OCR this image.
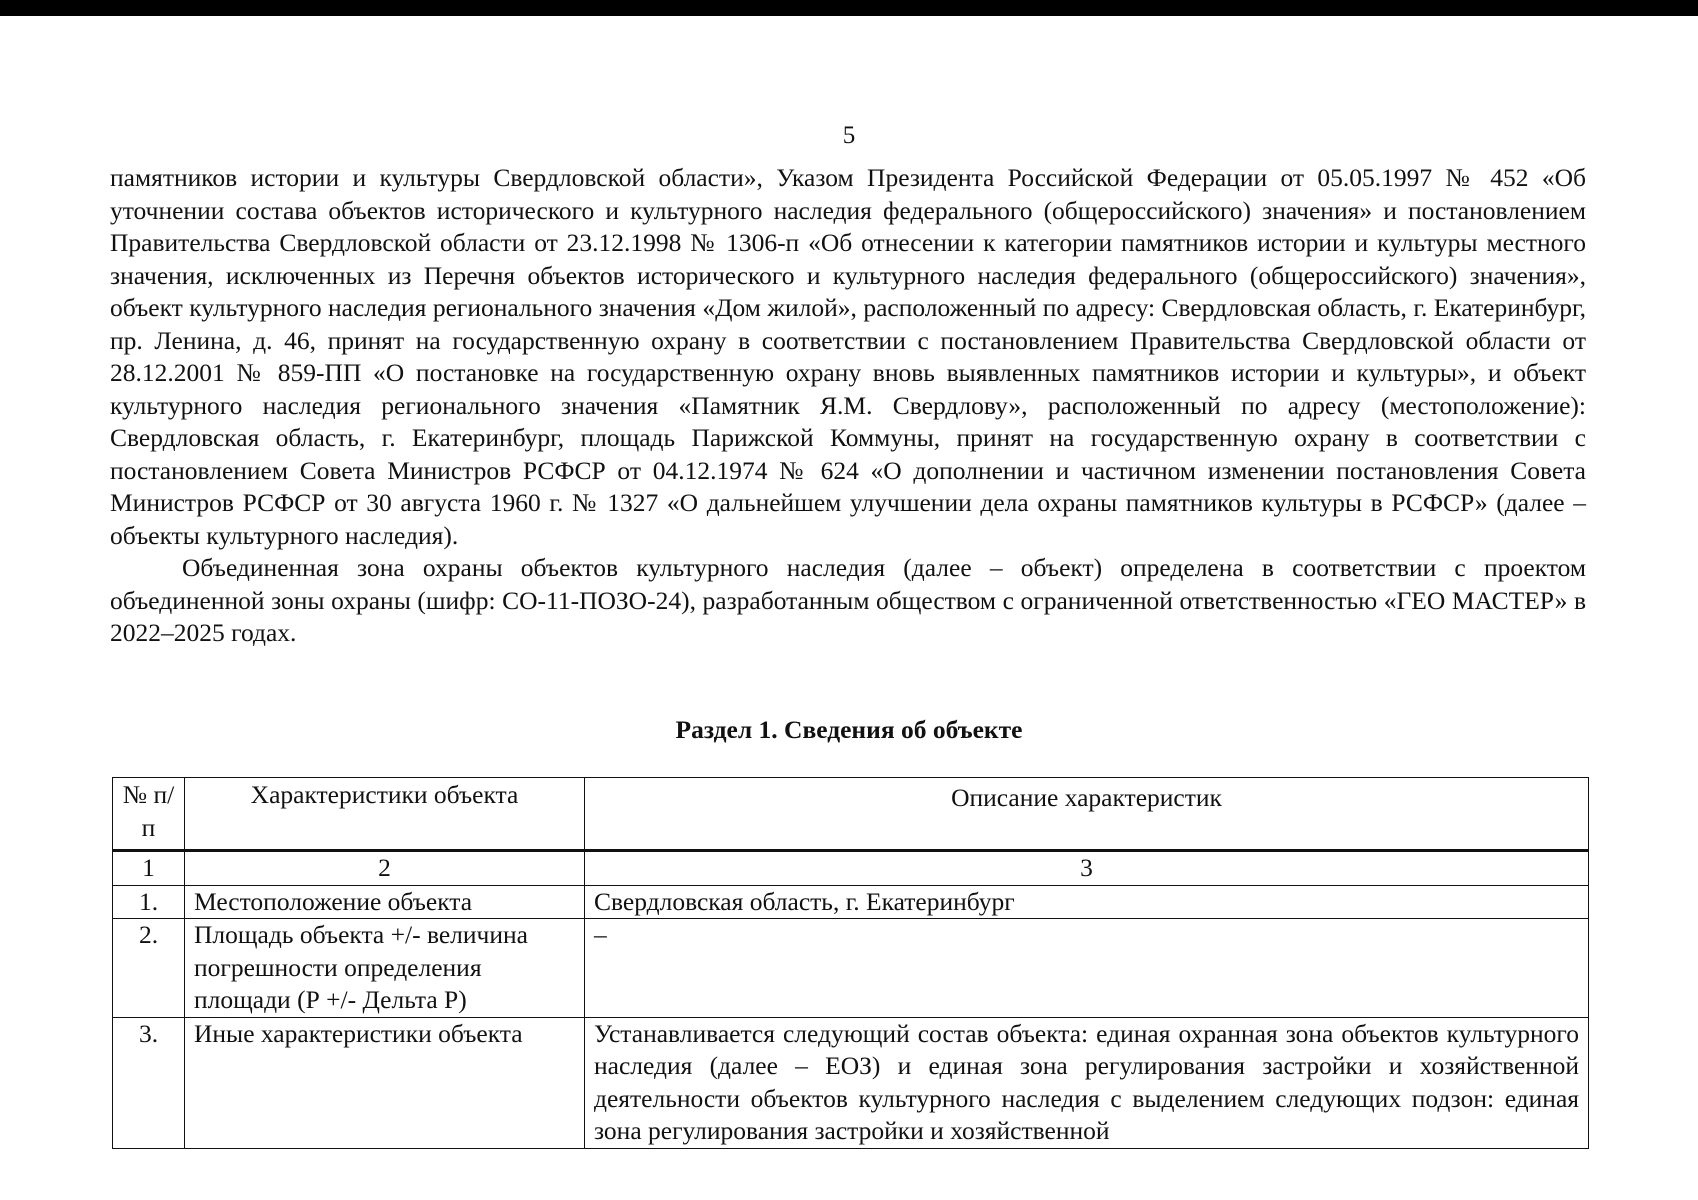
5

памятников истории и культуры Свердловской области», Указом Президента Российской Федерации от 05.05.1997 № 452 «Об уточнении состава объектов исторического и культурного наследия федерального (общероссийского) значения» и постановлением Правительства Свердловской области от 23.12.1998 № 1306-п «Об отнесении к категории памятников истории и культуры местного значения, исключенных из Перечня объектов исторического и культурного наследия федерального (общероссийского) значения», объект культурного наследия регионального значения «Дом жилой», расположенный по адресу: Свердловская область, г. Екатеринбург, пр. Ленина, д. 46, принят на государственную охрану в соответствии с постановлением Правительства Свердловской области от 28.12.2001 № 859-ПП «О постановке на государственную охрану вновь выявленных памятников истории и культуры», и объект культурного наследия регионального значения «Памятник Я.М. Свердлову», расположенный по адресу (местоположение): Свердловская область, г. Екатеринбург, площадь Парижской Коммуны, принят на государственную охрану в соответствии с постановлением Совета Министров РСФСР от 04.12.1974 № 624 «О дополнении и частичном изменении постановления Совета Министров РСФСР от 30 августа 1960 г. № 1327 «О дальнейшем улучшении дела охраны памятников культуры в РСФСР» (далее – объекты культурного наследия).

Объединенная зона охраны объектов культурного наследия (далее – объект) определена в соответствии с проектом объединенной зоны охраны (шифр: СО-11-ПОЗО-24), разработанным обществом с ограниченной ответственностью «ГЕО МАСТЕР» в 2022–2025 годах.

Раздел 1. Сведения об объекте
№ п/п	Характеристики объекта	Описание характеристик
1	2	3
1.	Местоположение объекта	Свердловская область, г. Екатеринбург
2.	Площадь объекта +/- величина погрешности определения площади (Р +/- Дельта Р)	–
3.	Иные характеристики объекта	Устанавливается следующий состав объекта: единая охранная зона объектов культурного наследия (далее – ЕОЗ) и единая зона регулирования застройки и хозяйственной деятельности объектов культурного наследия с выделением следующих подзон: единая зона регулирования застройки и хозяйственной
